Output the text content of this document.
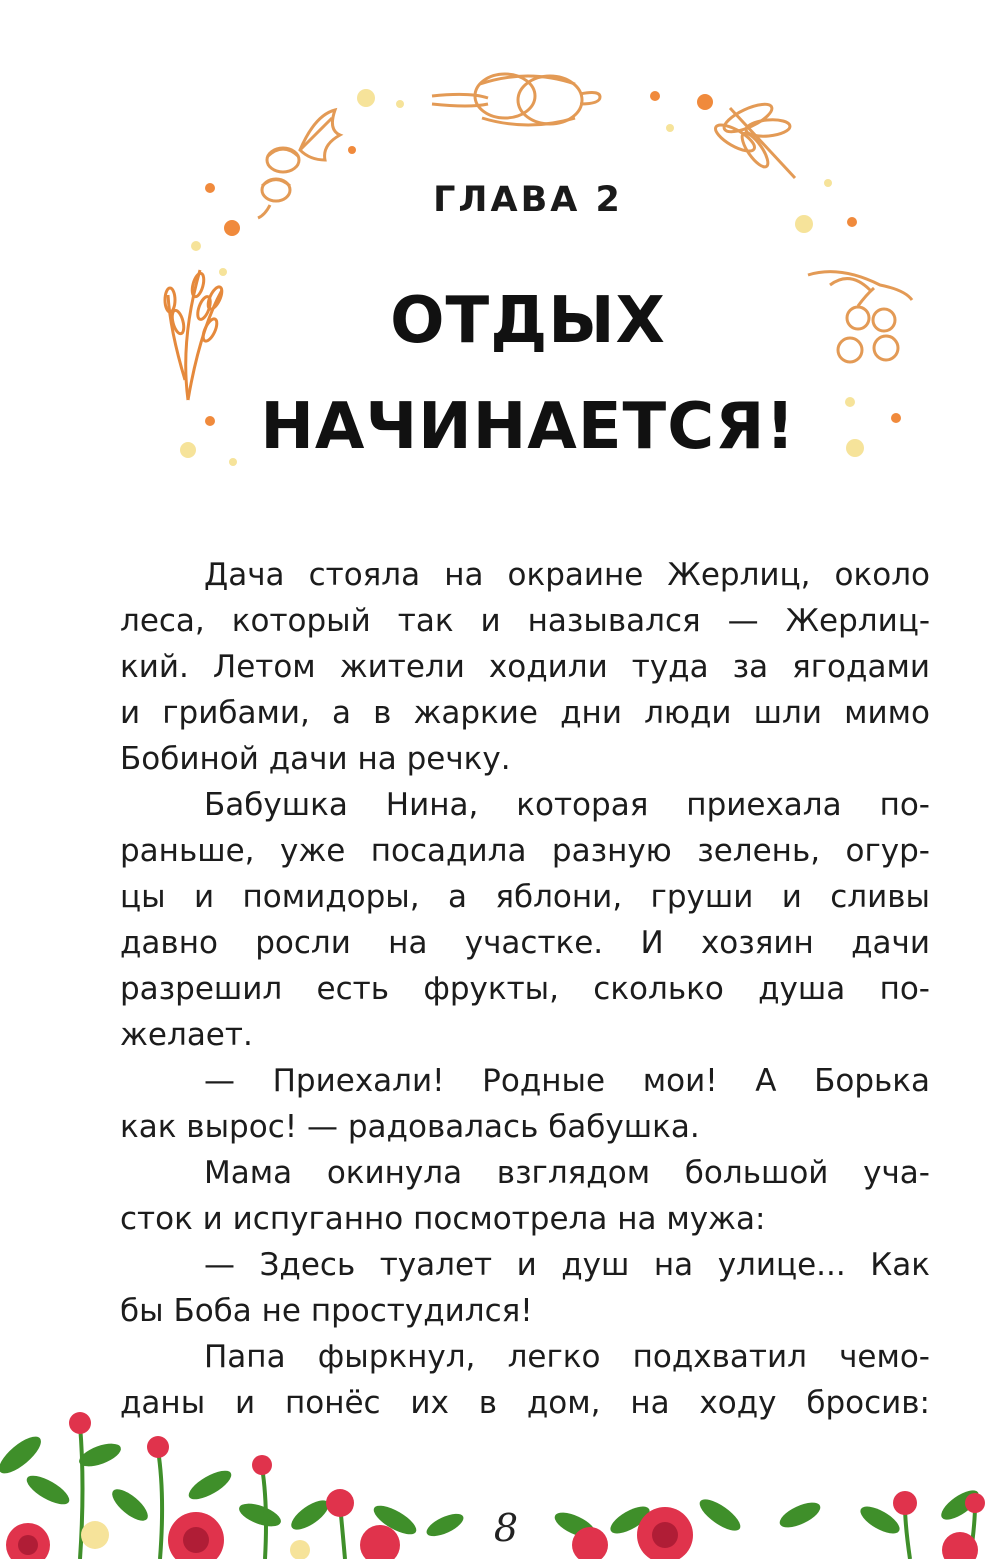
ГЛАВА 2
ОТДЫХ
НАЧИНАЕТСЯ!
Дача стояла на окраине Жерлиц, около
леса, который так и назывался — Жерлиц-
кий. Летом жители ходили туда за ягодами
и грибами, а в жаркие дни люди шли мимо
Бобиной дачи на речку.
Бабушка Нина, которая приехала по-
раньше, уже посадила разную зелень, огур-
цы и помидоры, а яблони, груши и сливы
давно росли на участке. И хозяин дачи
разрешил есть фрукты, сколько душа по-
желает.
— Приехали! Родные мои! А Борька
как вырос! — радовалась бабушка.
Мама окинула взглядом большой уча-
сток и испуганно посмотрела на мужа:
— Здесь туалет и душ на улице... Как
бы Боба не простудился!
Папа фыркнул, легко подхватил чемо-
даны и понёс их в дом, на ходу бросив:
8
